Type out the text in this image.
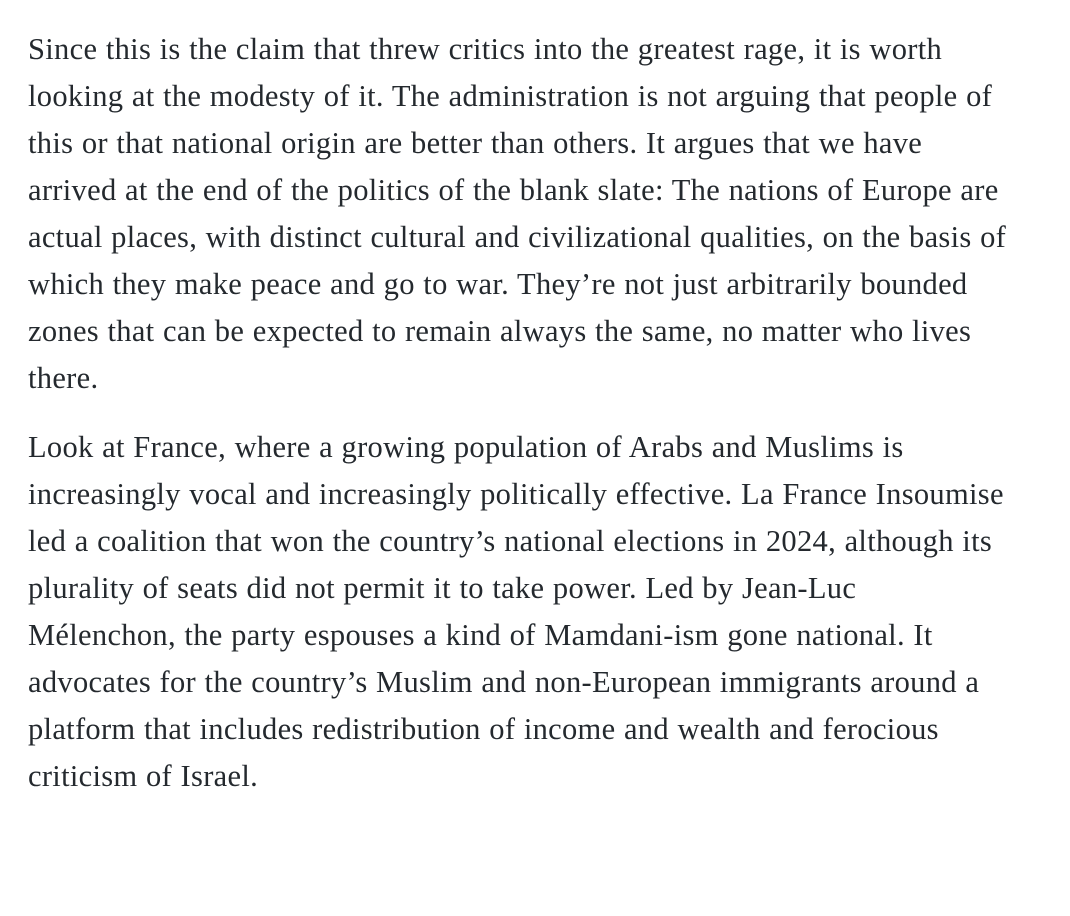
Since this is the claim that threw critics into the greatest rage, it is worth looking at the modesty of it. The administration is not arguing that people of this or that national origin are better than others. It argues that we have arrived at the end of the politics of the blank slate: The nations of Europe are actual places, with distinct cultural and civilizational qualities, on the basis of which they make peace and go to war. They’re not just arbitrarily bounded zones that can be expected to remain always the same, no matter who lives there.

Look at France, where a growing population of Arabs and Muslims is increasingly vocal and increasingly politically effective. La France Insoumise led a coalition that won the country’s national elections in 2024, although its plurality of seats did not permit it to take power. Led by Jean-Luc Mélenchon, the party espouses a kind of Mamdani-ism gone national. It advocates for the country’s Muslim and non-European immigrants around a platform that includes redistribution of income and wealth and ferocious criticism of Israel.
